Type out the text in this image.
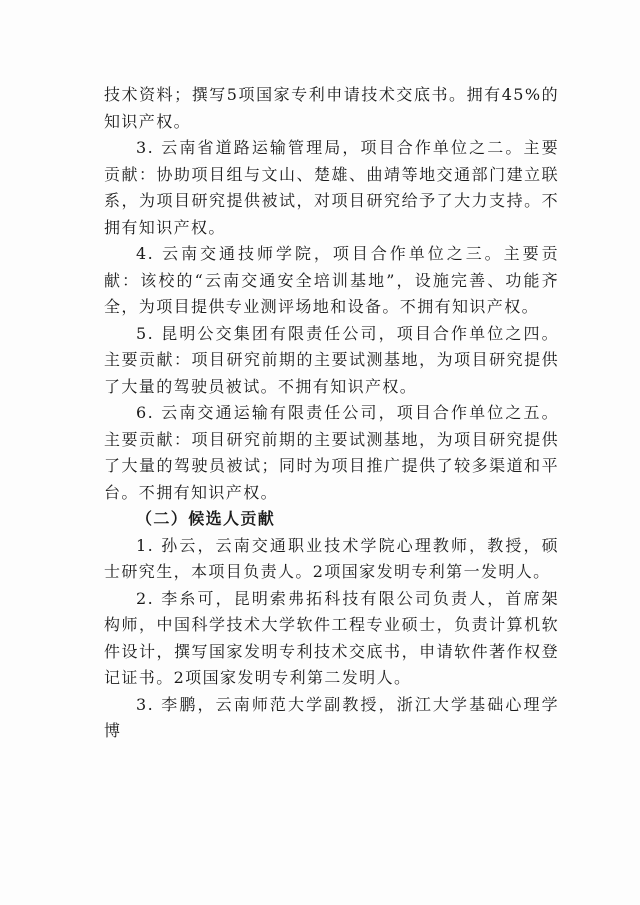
技术资料；撰写5项国家专利申请技术交底书。拥有45%的知识产权。

3. 云南省道路运输管理局，项目合作单位之二。主要贡献：协助项目组与文山、楚雄、曲靖等地交通部门建立联系，为项目研究提供被试，对项目研究给予了大力支持。不拥有知识产权。

4. 云南交通技师学院，项目合作单位之三。主要贡献：该校的“云南交通安全培训基地”，设施完善、功能齐全，为项目提供专业测评场地和设备。不拥有知识产权。

5. 昆明公交集团有限责任公司，项目合作单位之四。主要贡献：项目研究前期的主要试测基地，为项目研究提供了大量的驾驶员被试。不拥有知识产权。

6. 云南交通运输有限责任公司，项目合作单位之五。主要贡献：项目研究前期的主要试测基地，为项目研究提供了大量的驾驶员被试；同时为项目推广提供了较多渠道和平台。不拥有知识产权。

（二）候选人贡献

1. 孙云，云南交通职业技术学院心理教师，教授，硕士研究生，本项目负责人。2项国家发明专利第一发明人。

2. 李糸可，昆明索弗拓科技有限公司负责人，首席架构师，中国科学技术大学软件工程专业硕士，负责计算机软件设计，撰写国家发明专利技术交底书，申请软件著作权登记证书。2项国家发明专利第二发明人。

3. 李鹏，云南师范大学副教授，浙江大学基础心理学博
